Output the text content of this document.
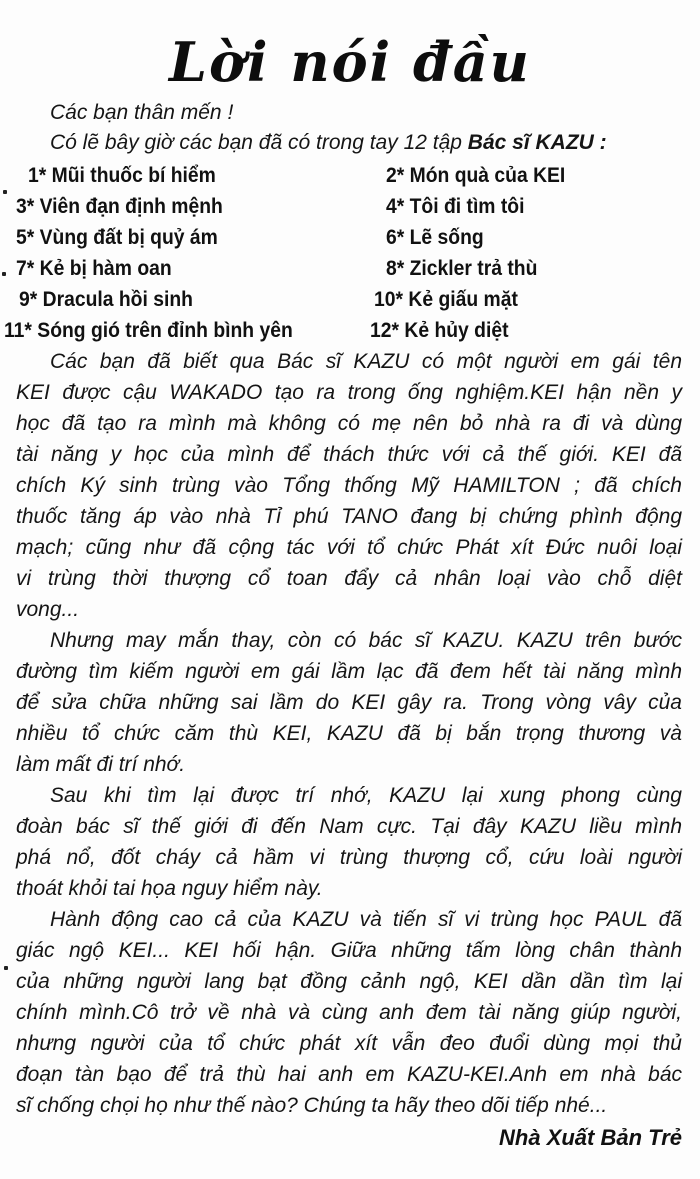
Lời nói đầu
Các bạn thân mến !
Có lẽ bây giờ các bạn đã có trong tay 12 tập Bác sĩ KAZU :
1* Mũi thuốc bí hiểm	2* Món quà của KEI
3* Viên đạn định mệnh	4* Tôi đi tìm tôi
5* Vùng đất bị quỷ ám	6* Lẽ sống
7* Kẻ bị hàm oan	8* Zickler trả thù
9* Dracula hồi sinh	10* Kẻ giấu mặt
11* Sóng gió trên đỉnh bình yên	12* Kẻ hủy diệt
Các bạn đã biết qua Bác sĩ KAZU có một người em gái tên
KEI được cậu WAKADO tạo ra trong ống nghiệm.KEI hận nền y
học đã tạo ra mình mà không có mẹ nên bỏ nhà ra đi và dùng
tài năng y học của mình để thách thức với cả thế giới. KEI đã
chích Ký sinh trùng vào Tổng thống Mỹ HAMILTON ; đã chích
thuốc tăng áp vào nhà Tỉ phú TANO đang bị chứng phình động
mạch; cũng như đã cộng tác với tổ chức Phát xít Đức nuôi loại
vi trùng thời thượng cổ toan đẩy cả nhân loại vào chỗ diệt
vong...
Nhưng may mắn thay, còn có bác sĩ KAZU. KAZU trên bước
đường tìm kiếm người em gái lầm lạc đã đem hết tài năng mình
để sửa chữa những sai lầm do KEI gây ra. Trong vòng vây của
nhiều tổ chức căm thù KEI, KAZU đã bị bắn trọng thương và
làm mất đi trí nhớ.
Sau khi tìm lại được trí nhớ, KAZU lại xung phong cùng
đoàn bác sĩ thế giới đi đến Nam cực. Tại đây KAZU liều mình
phá nổ, đốt cháy cả hầm vi trùng thượng cổ, cứu loài người
thoát khỏi tai họa nguy hiểm này.
Hành động cao cả của KAZU và tiến sĩ vi trùng học PAUL đã
giác ngộ KEI... KEI hối hận. Giữa những tấm lòng chân thành
của những người lang bạt đồng cảnh ngộ, KEI dần dần tìm lại
chính mình.Cô trở về nhà và cùng anh đem tài năng giúp người,
nhưng người của tổ chức phát xít vẫn đeo đuổi dùng mọi thủ
đoạn tàn bạo để trả thù hai anh em KAZU-KEI.Anh em nhà bác
sĩ chống chọi họ như thế nào? Chúng ta hãy theo dõi tiếp nhé...
Nhà Xuất Bản Trẻ
